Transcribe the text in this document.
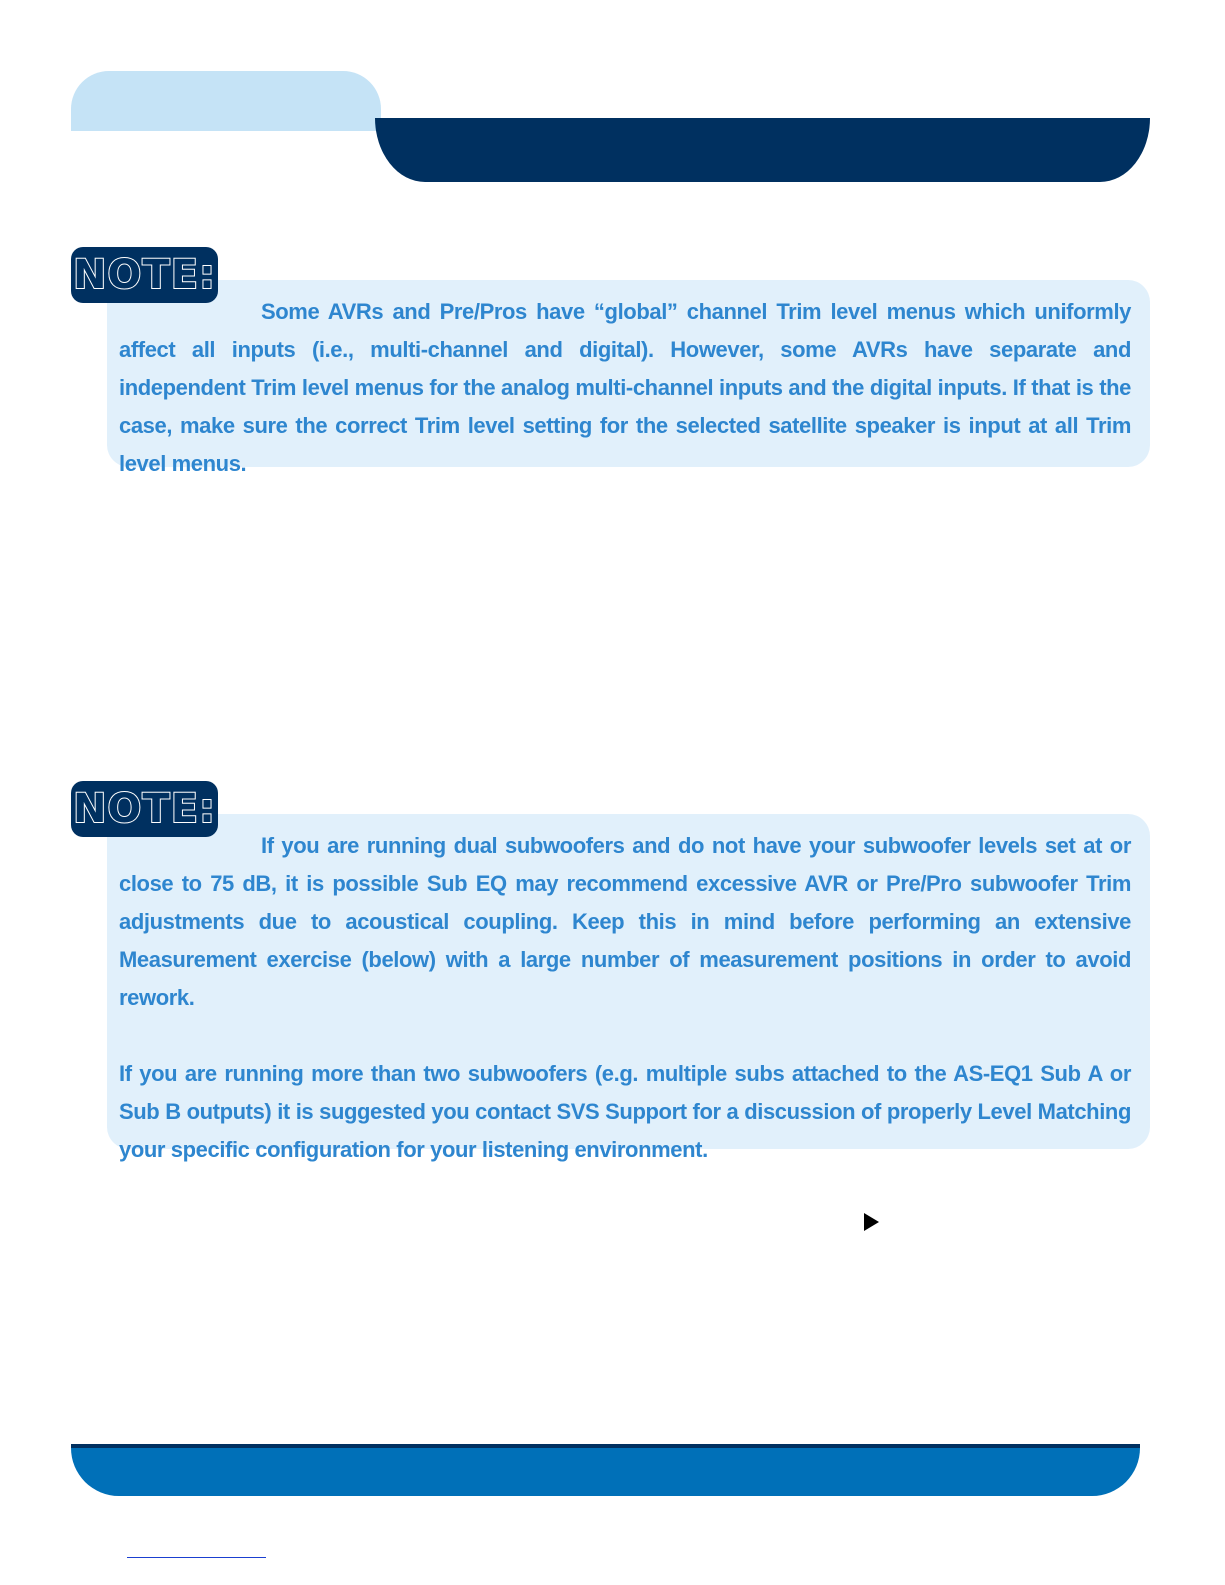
Some AVRs and Pre/Pros have “global” channel Trim level menus which uniformly affect all inputs (i.e., multi-channel and digital). However, some AVRs have separate and independent Trim level menus for the analog multi-channel inputs and the digital inputs. If that is the case, make sure the correct Trim level setting for the selected satellite speaker is input at all Trim level menus.

NOTE:

If you are running dual subwoofers and do not have your subwoofer levels set at or close to 75 dB, it is possible Sub EQ may recommend excessive AVR or Pre/Pro subwoofer Trim adjustments due to acoustical coupling. Keep this in mind before performing an extensive Measurement exercise (below) with a large number of measurement positions in order to avoid rework.

If you are running more than two subwoofers (e.g. multiple subs attached to the AS-EQ1 Sub A or Sub B outputs) it is suggested you contact SVS Support for a discussion of properly Level Matching your specific configuration for your listening environment.

NOTE:
